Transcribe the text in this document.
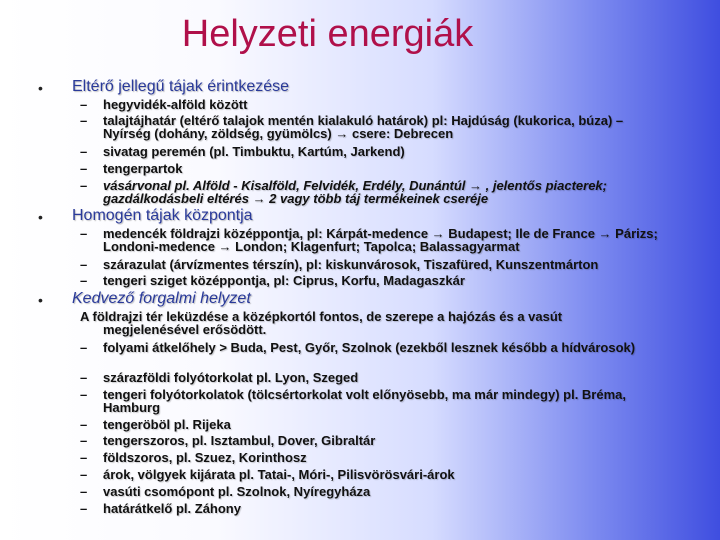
Helyzeti energiák
• Eltérő jellegű tájak érintkezése
– hegyvidék-alföld között
– talajtájhatár (eltérő talajok mentén kialakuló határok) pl: Hajdúság (kukorica, búza) – Nyírség (dohány, zöldség, gyümölcs) → csere: Debrecen
– sivatag peremén (pl. Timbuktu, Kartúm, Jarkend)
– tengerpartok
– vásárvonal pl. Alföld - Kisalföld, Felvidék, Erdély, Dunántúl → , jelentős piacterek; gazdálkodásbeli eltérés → 2 vagy több táj termékeinek cseréje
• Homogén tájak központja
– medencék földrajzi középpontja, pl: Kárpát-medence → Budapest; Ile de France → Párizs; Londoni-medence → London; Klagenfurt; Tapolca; Balassagyarmat
– szárazulat (árvízmentes térszín), pl: kiskunvárosok, Tiszafüred, Kunszentmárton
– tengeri sziget középpontja, pl: Ciprus, Korfu, Madagaszkár
• Kedvező forgalmi helyzet
A földrajzi tér leküzdése a középkortól fontos, de szerepe a hajózás és a vasút
megjelenésével erősödött.
– folyami átkelőhely > Buda, Pest, Győr, Szolnok (ezekből lesznek később a hídvárosok)
– szárazföldi folyótorkolat pl. Lyon, Szeged
– tengeri folyótorkolatok (tölcsértorkolat volt előnyösebb, ma már mindegy) pl. Bréma, Hamburg
– tengeröböl pl. Rijeka
– tengerszoros, pl. Isztambul, Dover, Gibraltár
– földszoros, pl. Szuez, Korinthosz
– árok, völgyek kijárata pl. Tatai-, Móri-, Pilisvörösvári-árok
– vasúti csomópont pl. Szolnok, Nyíregyháza
– határátkelő pl. Záhony
